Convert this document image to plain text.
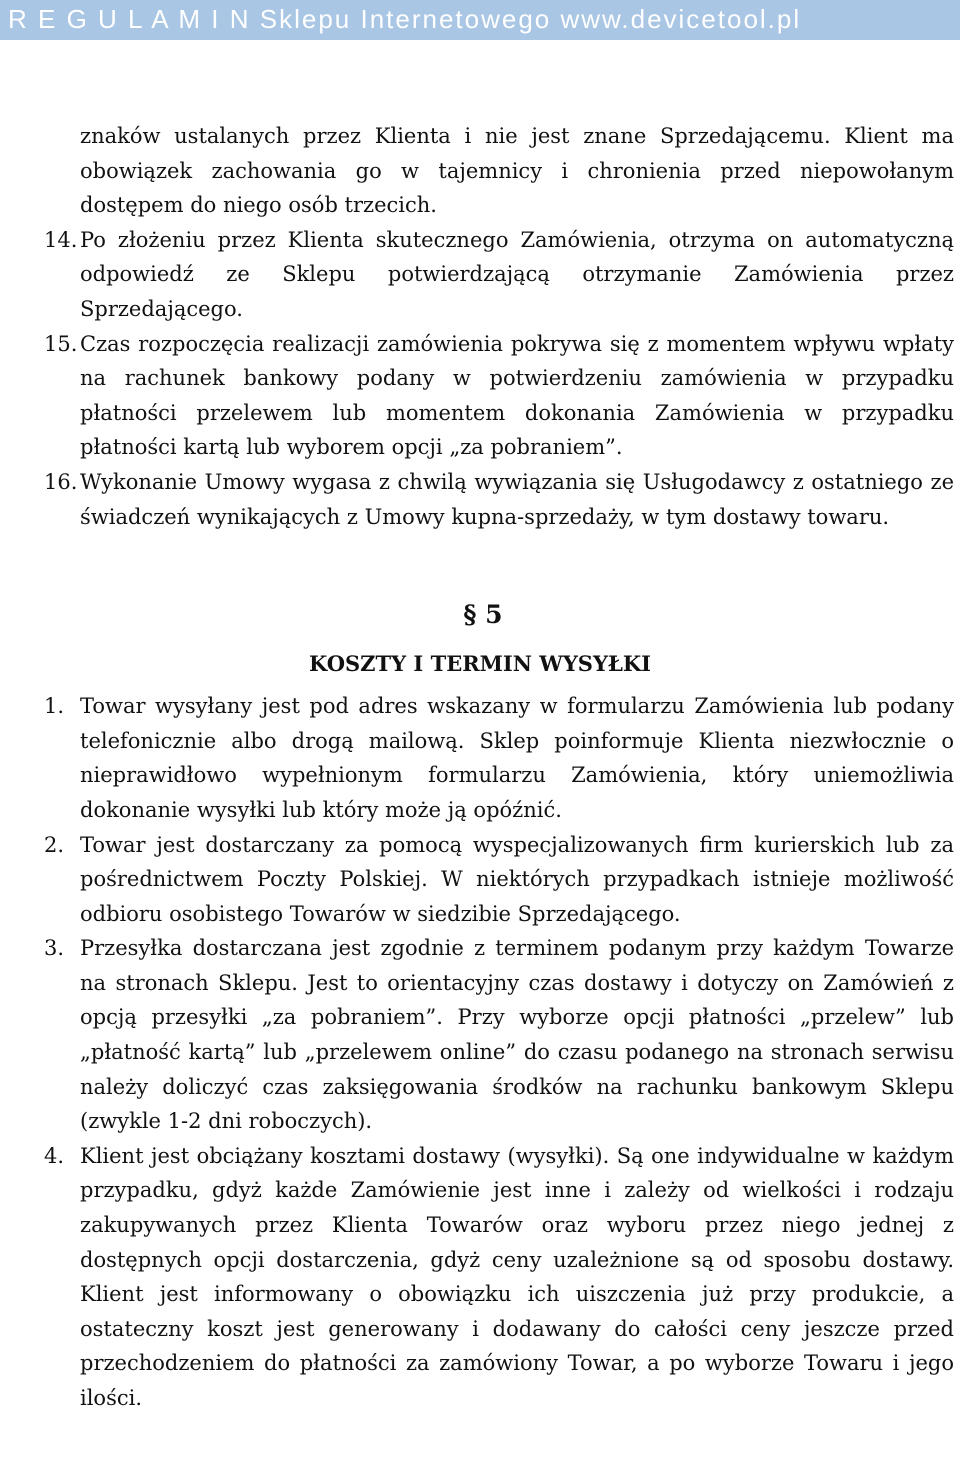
R E G U L A M I N Sklepu Internetowego www.devicetool.pl

znaków ustalanych przez Klienta i nie jest znane Sprzedającemu. Klient ma obowiązek zachowania go w tajemnicy i chronienia przed niepowołanym dostępem do niego osób trzecich.

14. Po złożeniu przez Klienta skutecznego Zamówienia, otrzyma on automatyczną odpowiedź ze Sklepu potwierdzającą otrzymanie Zamówienia przez Sprzedającego.

15. Czas rozpoczęcia realizacji zamówienia pokrywa się z momentem wpływu wpłaty na rachunek bankowy podany w potwierdzeniu zamówienia w przypadku płatności przelewem lub momentem dokonania Zamówienia w przypadku płatności kartą lub wyborem opcji „za pobraniem”.

16. Wykonanie Umowy wygasa z chwilą wywiązania się Usługodawcy z ostatniego ze świadczeń wynikających z Umowy kupna-sprzedaży, w tym dostawy towaru.

§ 5

KOSZTY I TERMIN WYSYŁKI

1. Towar wysyłany jest pod adres wskazany w formularzu Zamówienia lub podany telefonicznie albo drogą mailową. Sklep poinformuje Klienta niezwłocznie o nieprawidłowo wypełnionym formularzu Zamówienia, który uniemożliwia dokonanie wysyłki lub który może ją opóźnić.

2. Towar jest dostarczany za pomocą wyspecjalizowanych firm kurierskich lub za pośrednictwem Poczty Polskiej. W niektórych przypadkach istnieje możliwość odbioru osobistego Towarów w siedzibie Sprzedającego.

3. Przesyłka dostarczana jest zgodnie z terminem podanym przy każdym Towarze na stronach Sklepu. Jest to orientacyjny czas dostawy i dotyczy on Zamówień z opcją przesyłki „za pobraniem”. Przy wyborze opcji płatności „przelew” lub „płatność kartą” lub „przelewem online” do czasu podanego na stronach serwisu należy doliczyć czas zaksięgowania środków na rachunku bankowym Sklepu (zwykle 1-2 dni roboczych).

4. Klient jest obciążany kosztami dostawy (wysyłki). Są one indywidualne w każdym przypadku, gdyż każde Zamówienie jest inne i zależy od wielkości i rodzaju zakupywanych przez Klienta Towarów oraz wyboru przez niego jednej z dostępnych opcji dostarczenia, gdyż ceny uzależnione są od sposobu dostawy. Klient jest informowany o obowiązku ich uiszczenia już przy produkcie, a ostateczny koszt jest generowany i dodawany do całości ceny jeszcze przed przechodzeniem do płatności za zamówiony Towar, a po wyborze Towaru i jego ilości.
